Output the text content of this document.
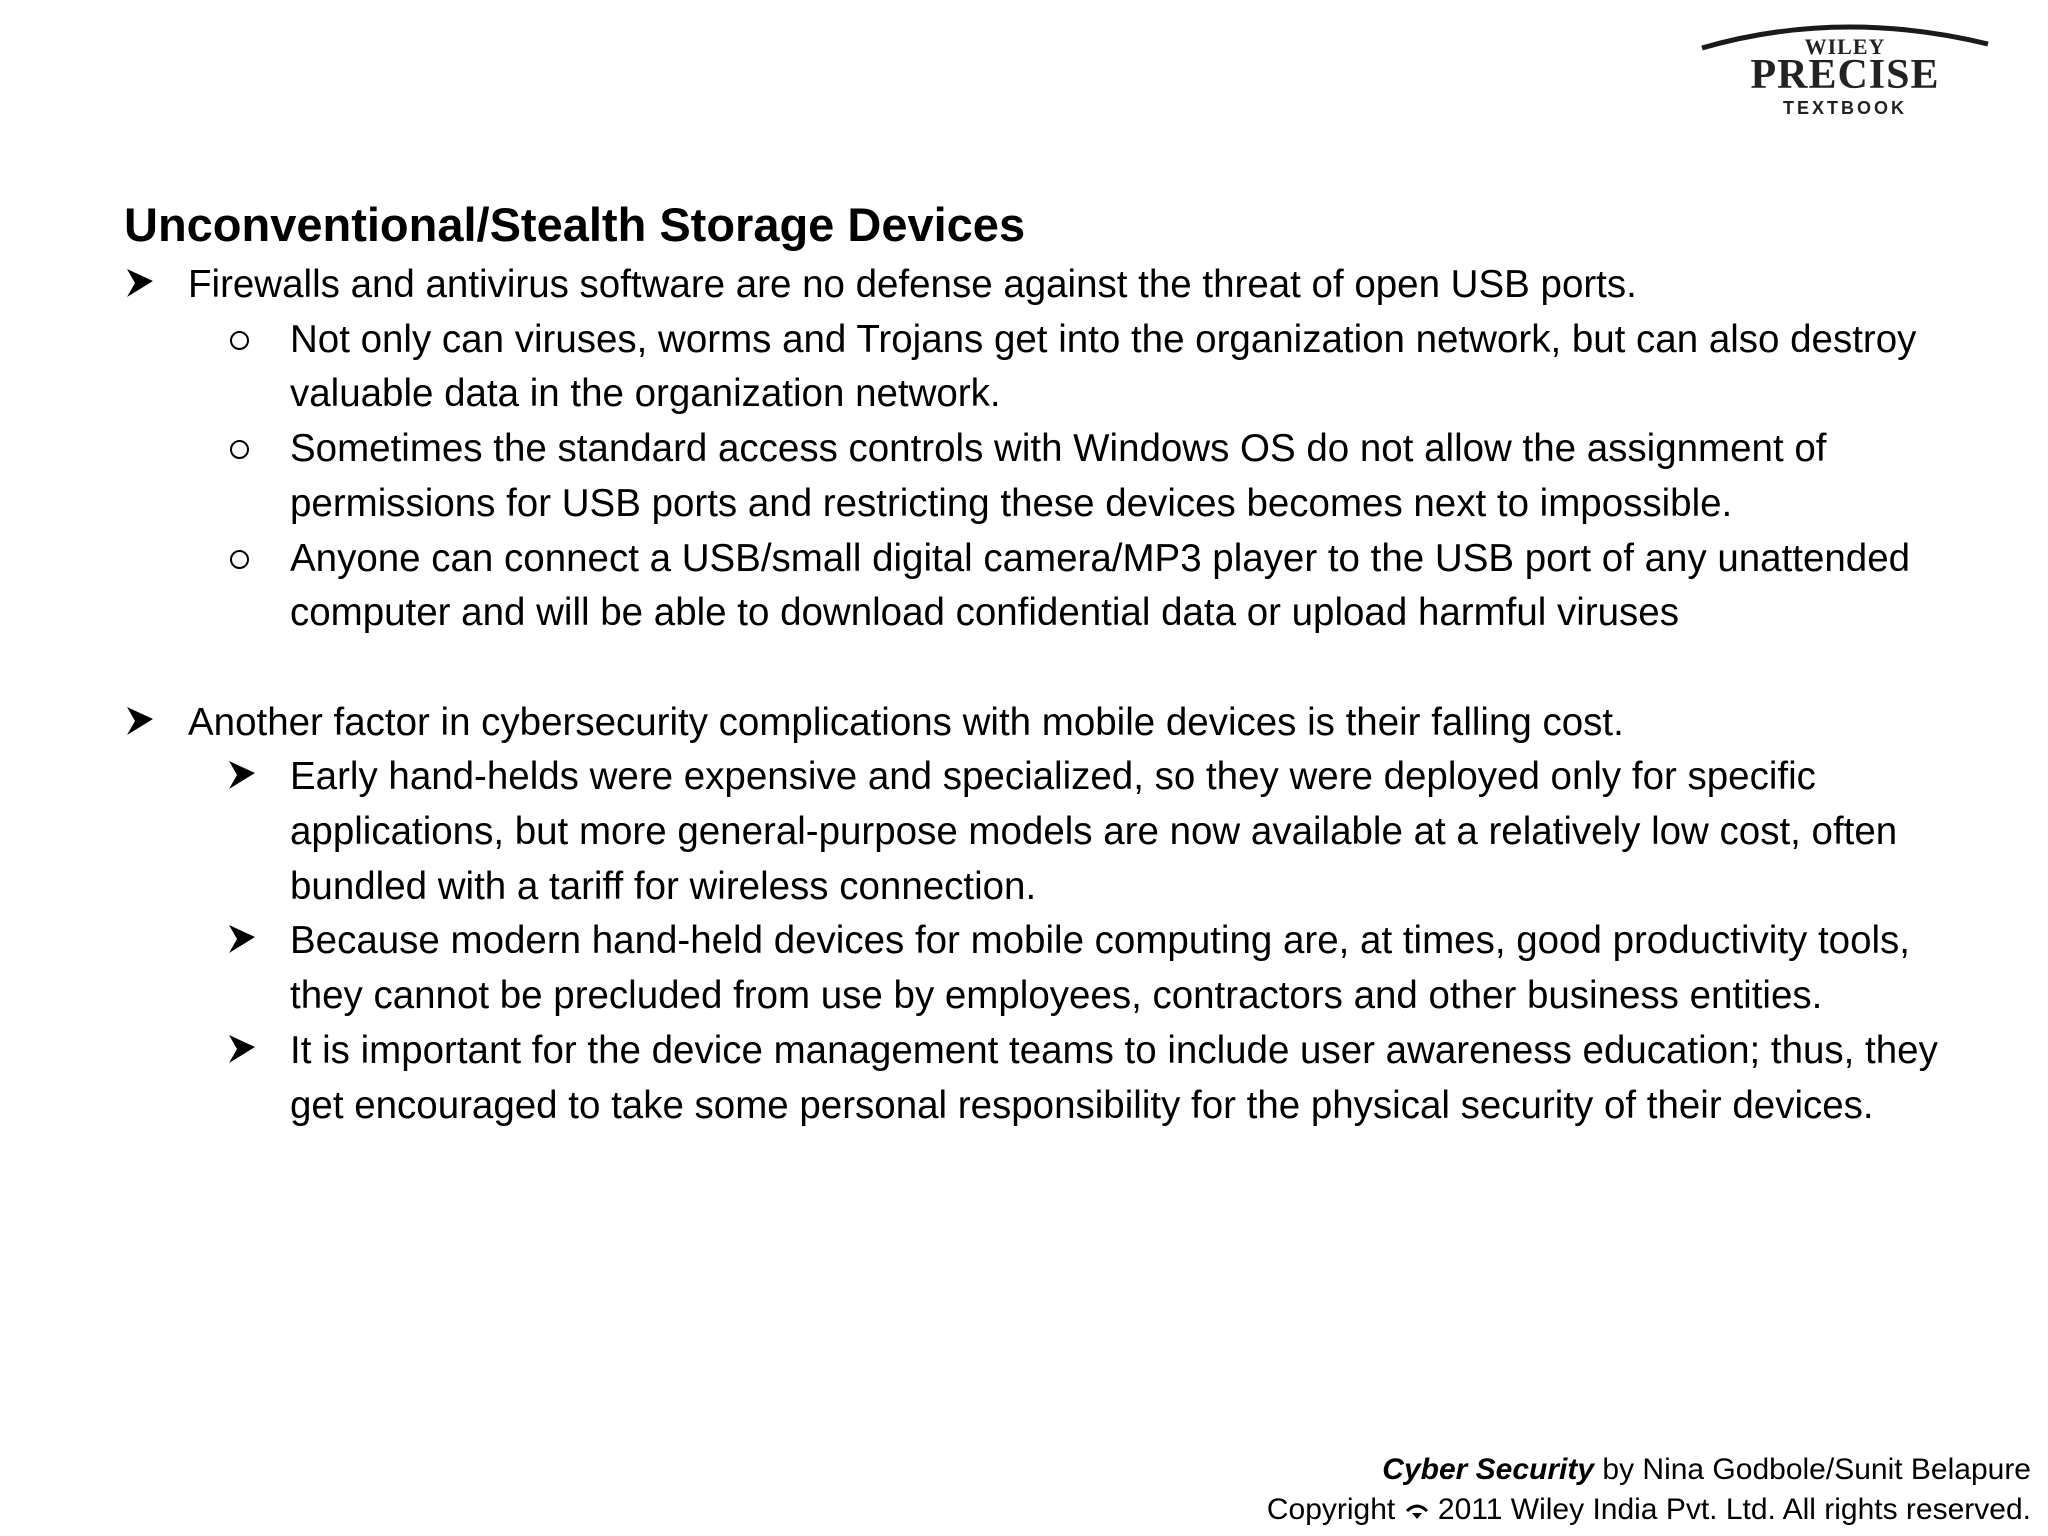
WILEY
PRECISE
TEXTBOOK
Unconventional/Stealth Storage Devices
Firewalls and antivirus software are no defense against the threat of open USB ports.
Not only can viruses, worms and Trojans get into the organization network, but can also destroy valuable data in the organization network.
Sometimes the standard access controls with Windows OS do not allow the assignment of permissions for USB ports and restricting these devices becomes next to impossible.
Anyone can connect a USB/small digital camera/MP3 player to the USB port of any unattended computer and will be able to download confidential data or upload harmful viruses
Another factor in cybersecurity complications with mobile devices is their falling cost.
Early hand-helds were expensive and specialized, so they were deployed only for specific applications, but more general-purpose models are now available at a relatively low cost, often bundled with a tariff for wireless connection.
Because modern hand-held devices for mobile computing are, at times, good productivity tools, they cannot be precluded from use by employees, contractors and other business entities.
It is important for the device management teams to include user awareness education; thus, they get encouraged to take some personal responsibility for the physical security of their devices.
Cyber Security by Nina Godbole/Sunit Belapure
Copyright  2011 Wiley India Pvt. Ltd. All rights reserved.
